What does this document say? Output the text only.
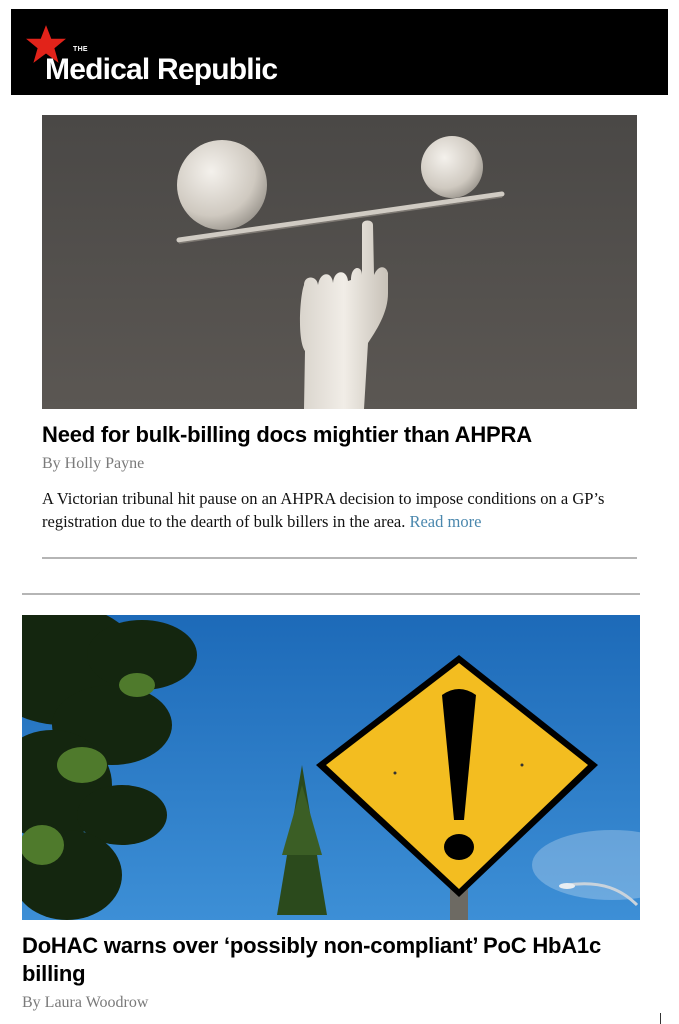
THE
Medical Republic
Need for bulk-billing docs mightier than AHPRA
By Holly Payne

A Victorian tribunal hit pause on an AHPRA decision to impose conditions on a GP’s registration due to the dearth of bulk billers in the area. Read more

DoHAC warns over ‘possibly non-compliant’ PoC HbA1c billing
By Laura Woodrow
